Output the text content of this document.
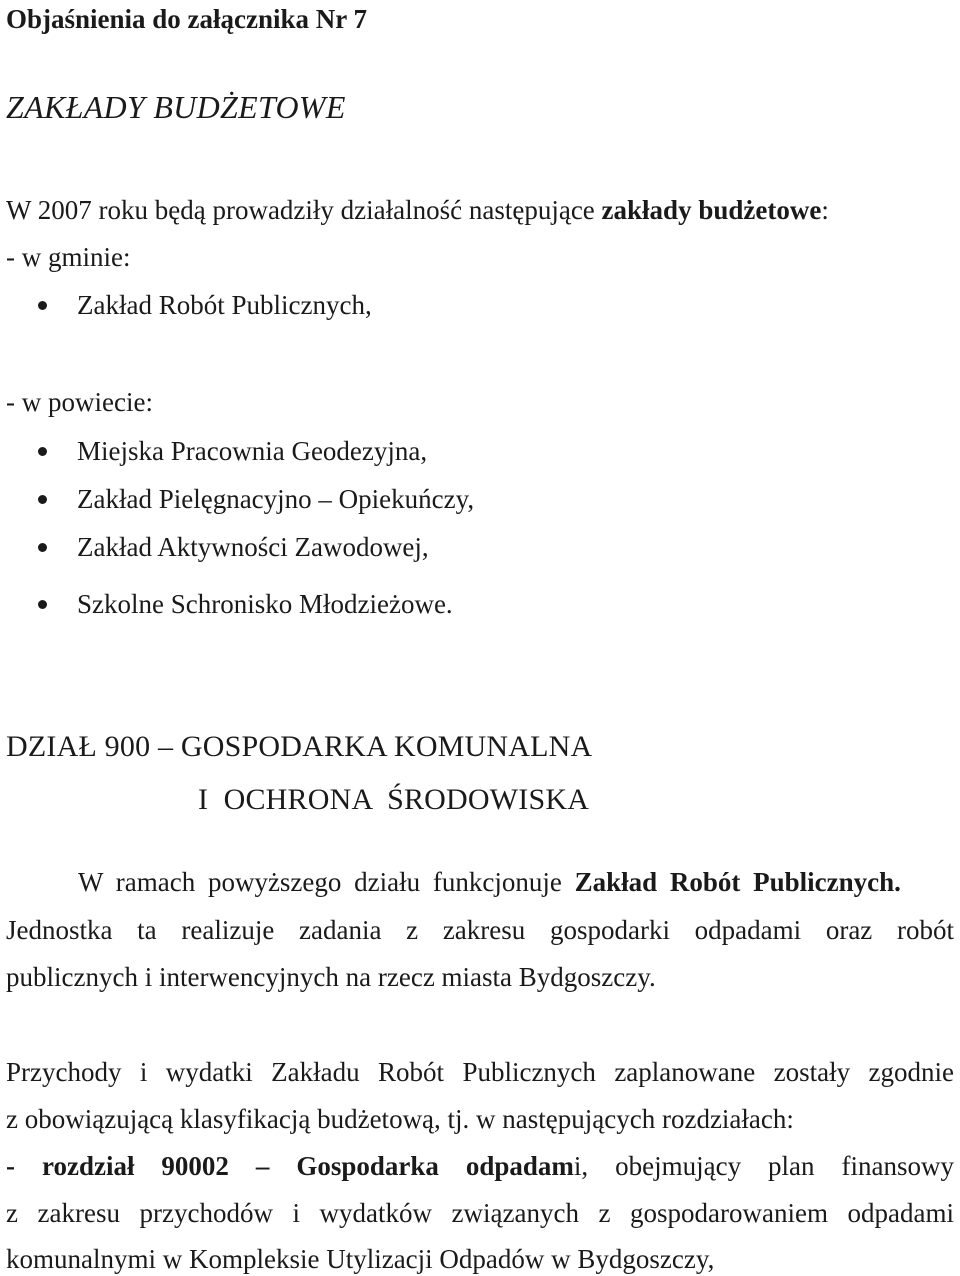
Objaśnienia do załącznika Nr 7
ZAKŁADY BUDŻETOWE
W 2007 roku będą prowadziły działalność następujące zakłady budżetowe:
- w gminie:
Zakład Robót Publicznych,
- w powiecie:
Miejska Pracownia Geodezyjna,
Zakład Pielęgnacyjno – Opiekuńczy,
Zakład Aktywności Zawodowej,
Szkolne Schronisko Młodzieżowe.
DZIAŁ 900 – GOSPODARKA KOMUNALNA
I  OCHRONA  ŚRODOWISKA
W ramach powyższego działu funkcjonuje Zakład Robót Publicznych.
Jednostka ta realizuje zadania z zakresu gospodarki odpadami oraz robót
publicznych i interwencyjnych na rzecz miasta Bydgoszczy.
Przychody i wydatki Zakładu Robót Publicznych zaplanowane zostały zgodnie
z obowiązującą klasyfikacją budżetową, tj. w następujących rozdziałach:
- rozdział 90002 – Gospodarka odpadami, obejmujący plan finansowy
z zakresu przychodów i wydatków związanych z gospodarowaniem odpadami
komunalnymi w Kompleksie Utylizacji Odpadów w Bydgoszczy,
